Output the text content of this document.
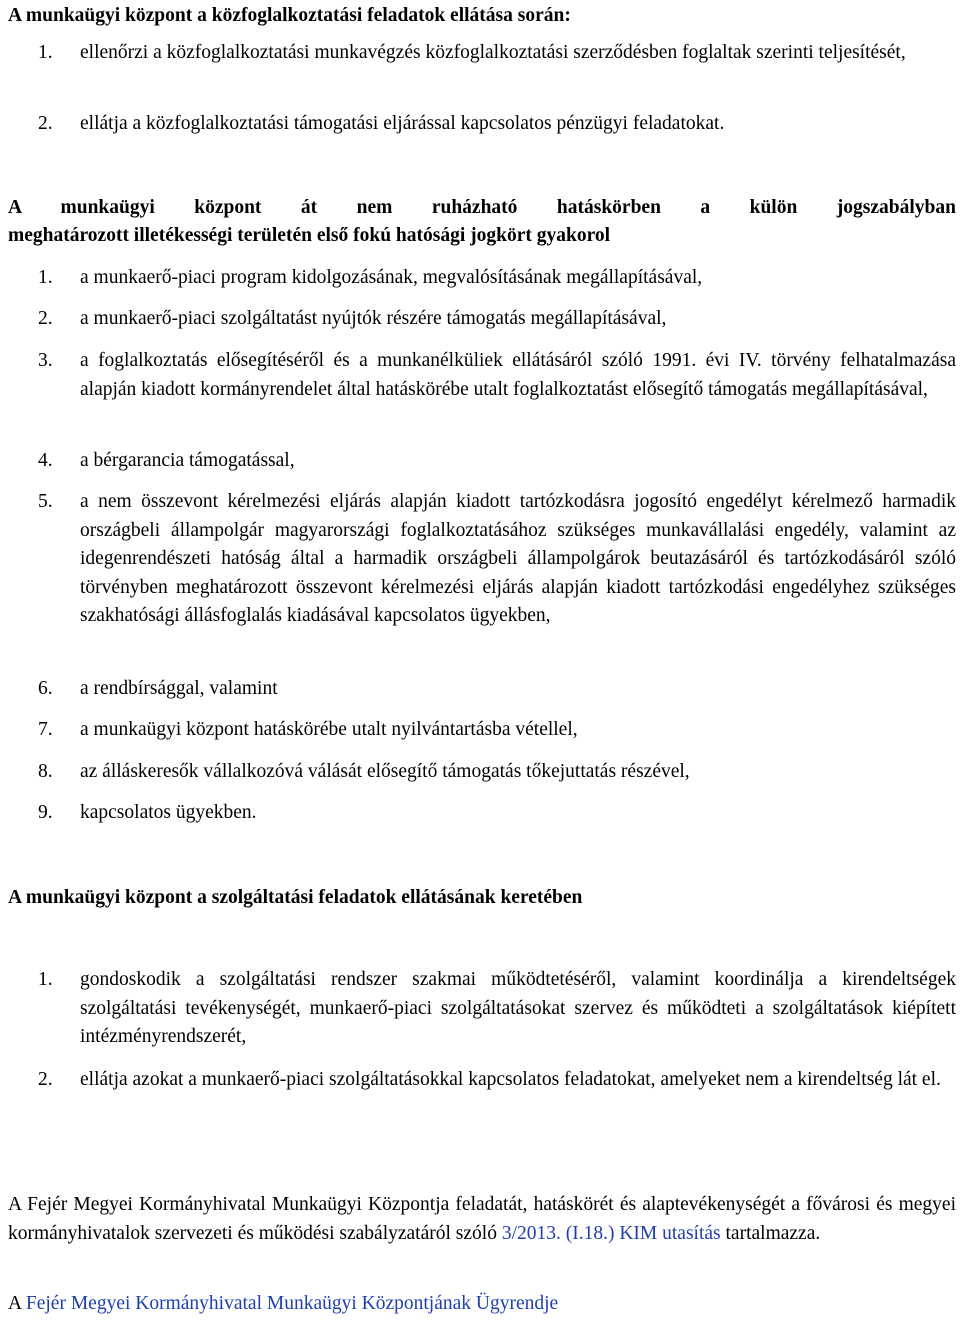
A munkaügyi központ a közfoglalkoztatási feladatok ellátása során:
1. ellenőrzi a közfoglalkoztatási munkavégzés közfoglalkoztatási szerződésben foglaltak szerinti teljesítését,
2. ellátja a közfoglalkoztatási támogatási eljárással kapcsolatos pénzügyi feladatokat.
A munkaügyi központ át nem ruházható hatáskörben a külön jogszabályban
meghatározott illetékességi területén első fokú hatósági jogkört gyakorol
1. a munkaerő-piaci program kidolgozásának, megvalósításának megállapításával,
2. a munkaerő-piaci szolgáltatást nyújtók részére támogatás megállapításával,
3. a foglalkoztatás elősegítéséről és a munkanélküliek ellátásáról szóló 1991. évi IV. törvény felhatalmazása alapján kiadott kormányrendelet által hatáskörébe utalt foglalkoztatást elősegítő támogatás megállapításával,
4. a bérgarancia támogatással,
5. a nem összevont kérelmezési eljárás alapján kiadott tartózkodásra jogosító engedélyt kérelmező harmadik országbeli állampolgár magyarországi foglalkoztatásához szükséges munkavállalási engedély, valamint az idegenrendészeti hatóság által a harmadik országbeli állampolgárok beutazásáról és tartózkodásáról szóló törvényben meghatározott összevont kérelmezési eljárás alapján kiadott tartózkodási engedélyhez szükséges szakhatósági állásfoglalás kiadásával kapcsolatos ügyekben,
6. a rendbírsággal, valamint
7. a munkaügyi központ hatáskörébe utalt nyilvántartásba vétellel,
8. az álláskeresők vállalkozóvá válását elősegítő támogatás tőkejuttatás részével,
9. kapcsolatos ügyekben.
A munkaügyi központ a szolgáltatási feladatok ellátásának keretében
1. gondoskodik a szolgáltatási rendszer szakmai működtetéséről, valamint koordinálja a kirendeltségek szolgáltatási tevékenységét, munkaerő-piaci szolgáltatásokat szervez és működteti a szolgáltatások kiépített intézményrendszerét,
2. ellátja azokat a munkaerő-piaci szolgáltatásokkal kapcsolatos feladatokat, amelyeket nem a kirendeltség lát el.
A Fejér Megyei Kormányhivatal Munkaügyi Központja feladatát, hatáskörét és alaptevékenységét a fővárosi és megyei kormányhivatalok szervezeti és működési szabályzatáról szóló 3/2013. (I.18.) KIM utasítás tartalmazza.
A Fejér Megyei Kormányhivatal Munkaügyi Központjának Ügyrendje
